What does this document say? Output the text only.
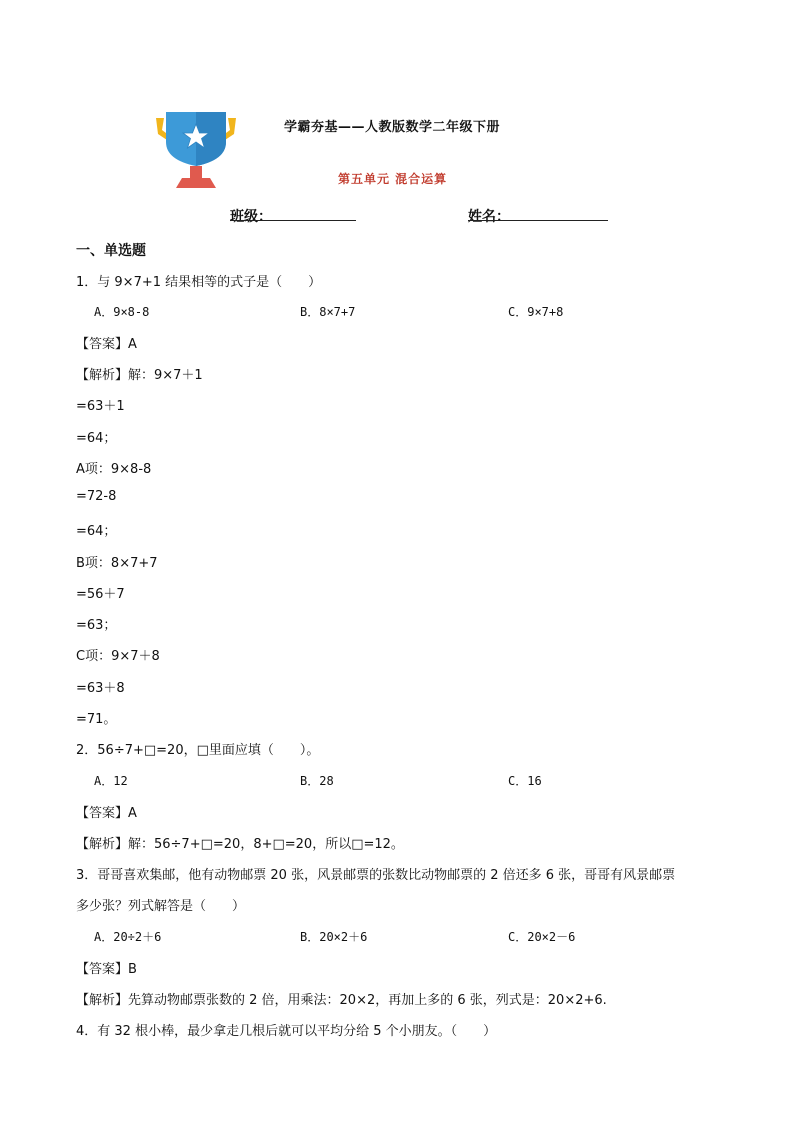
学霸夯基——人教版数学二年级下册
第五单元 混合运算
班级：	姓名：
一、单选题
1．与 9×7+1 结果相等的式子是（　　）
A．9×8-8	B．8×7+7	C．9×7+8
【答案】A
【解析】解：9×7＋1
=63＋1
=64；
A项：9×8-8
=72-8
=64；
B项：8×7+7
=56＋7
=63；
C项：9×7＋8
=63＋8
=71。
2．56÷7+□=20，□里面应填（　　）。
A．12	B．28	C．16
【答案】A
【解析】解：56÷7+□=20，8+□=20，所以□=12。
3．哥哥喜欢集邮，他有动物邮票 20 张，风景邮票的张数比动物邮票的 2 倍还多 6 张，哥哥有风景邮票
多少张？列式解答是（　　）
A．20÷2＋6	B．20×2＋6	C．20×2－6
【答案】B
【解析】先算动物邮票张数的 2 倍，用乘法：20×2，再加上多的 6 张，列式是：20×2+6.
4．有 32 根小棒，最少拿走几根后就可以平均分给 5 个小朋友。（　　）
